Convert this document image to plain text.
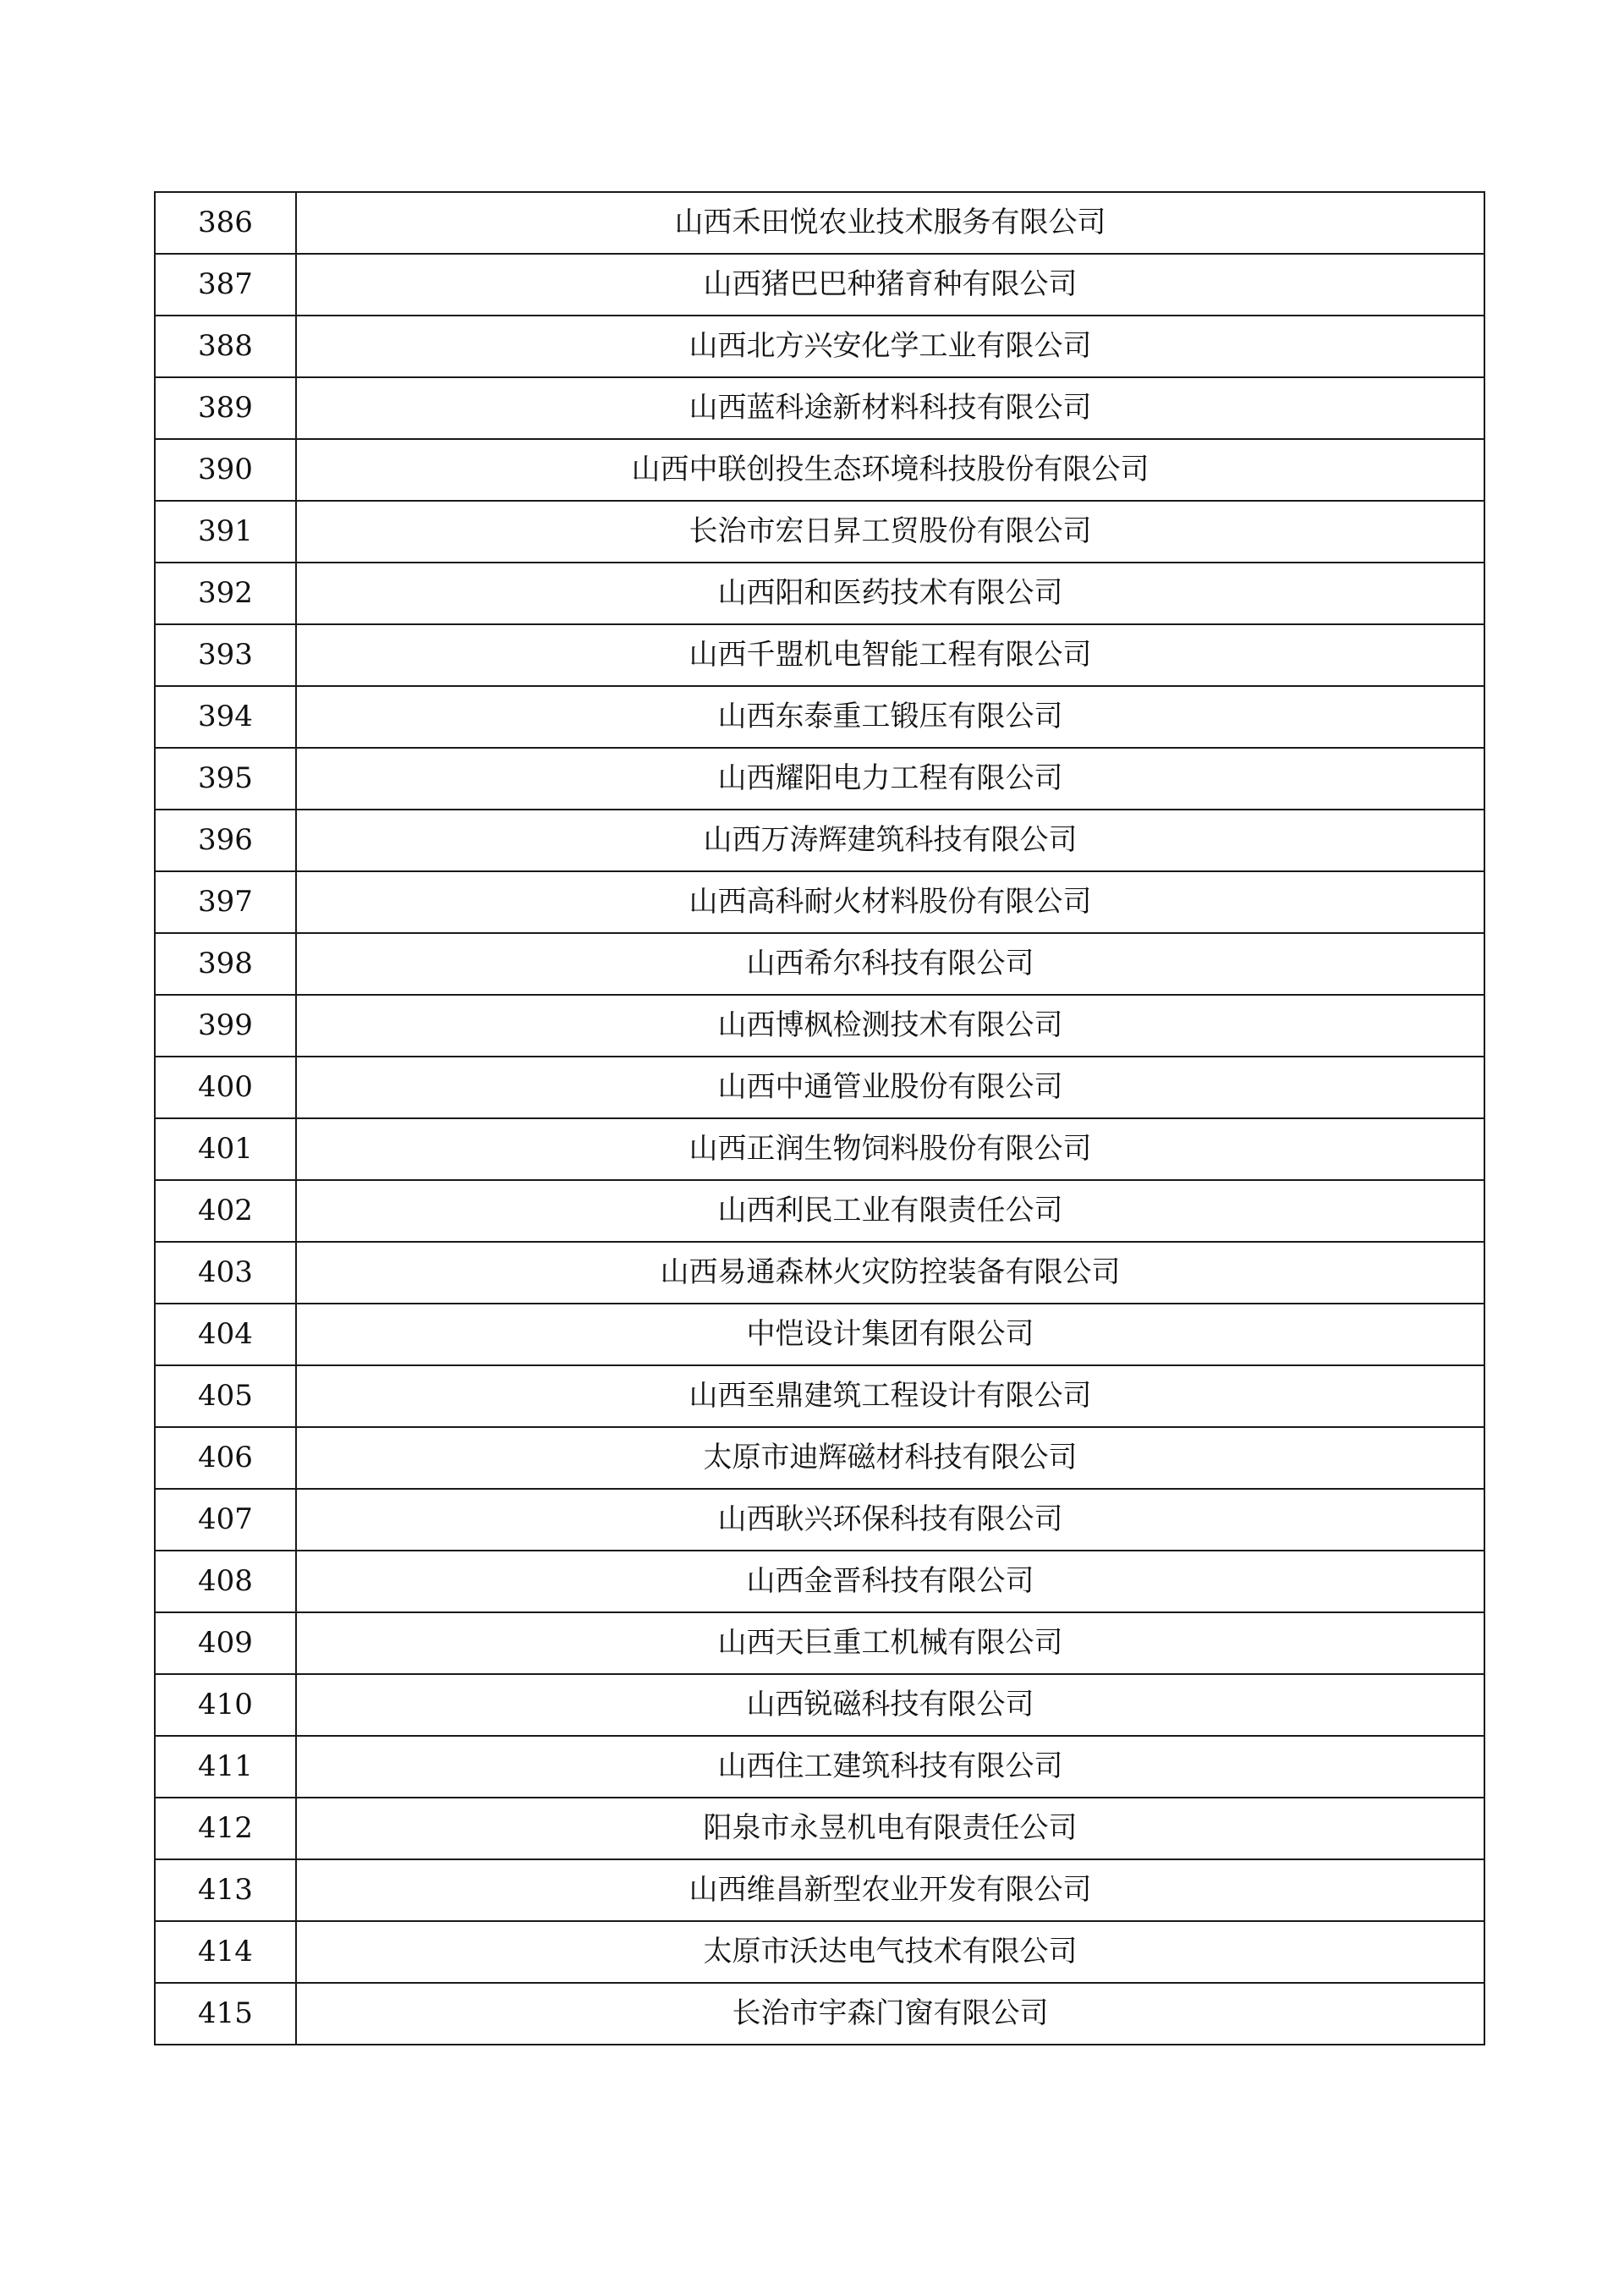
386	山西禾田悦农业技术服务有限公司
387	山西猪巴巴种猪育种有限公司
388	山西北方兴安化学工业有限公司
389	山西蓝科途新材料科技有限公司
390	山西中联创投生态环境科技股份有限公司
391	长治市宏日昇工贸股份有限公司
392	山西阳和医药技术有限公司
393	山西千盟机电智能工程有限公司
394	山西东泰重工锻压有限公司
395	山西耀阳电力工程有限公司
396	山西万涛辉建筑科技有限公司
397	山西高科耐火材料股份有限公司
398	山西希尔科技有限公司
399	山西博枫检测技术有限公司
400	山西中通管业股份有限公司
401	山西正润生物饲料股份有限公司
402	山西利民工业有限责任公司
403	山西易通森林火灾防控装备有限公司
404	中恺设计集团有限公司
405	山西至鼎建筑工程设计有限公司
406	太原市迪辉磁材科技有限公司
407	山西耿兴环保科技有限公司
408	山西金晋科技有限公司
409	山西天巨重工机械有限公司
410	山西锐磁科技有限公司
411	山西住工建筑科技有限公司
412	阳泉市永昱机电有限责任公司
413	山西维昌新型农业开发有限公司
414	太原市沃达电气技术有限公司
415	长治市宇森门窗有限公司
